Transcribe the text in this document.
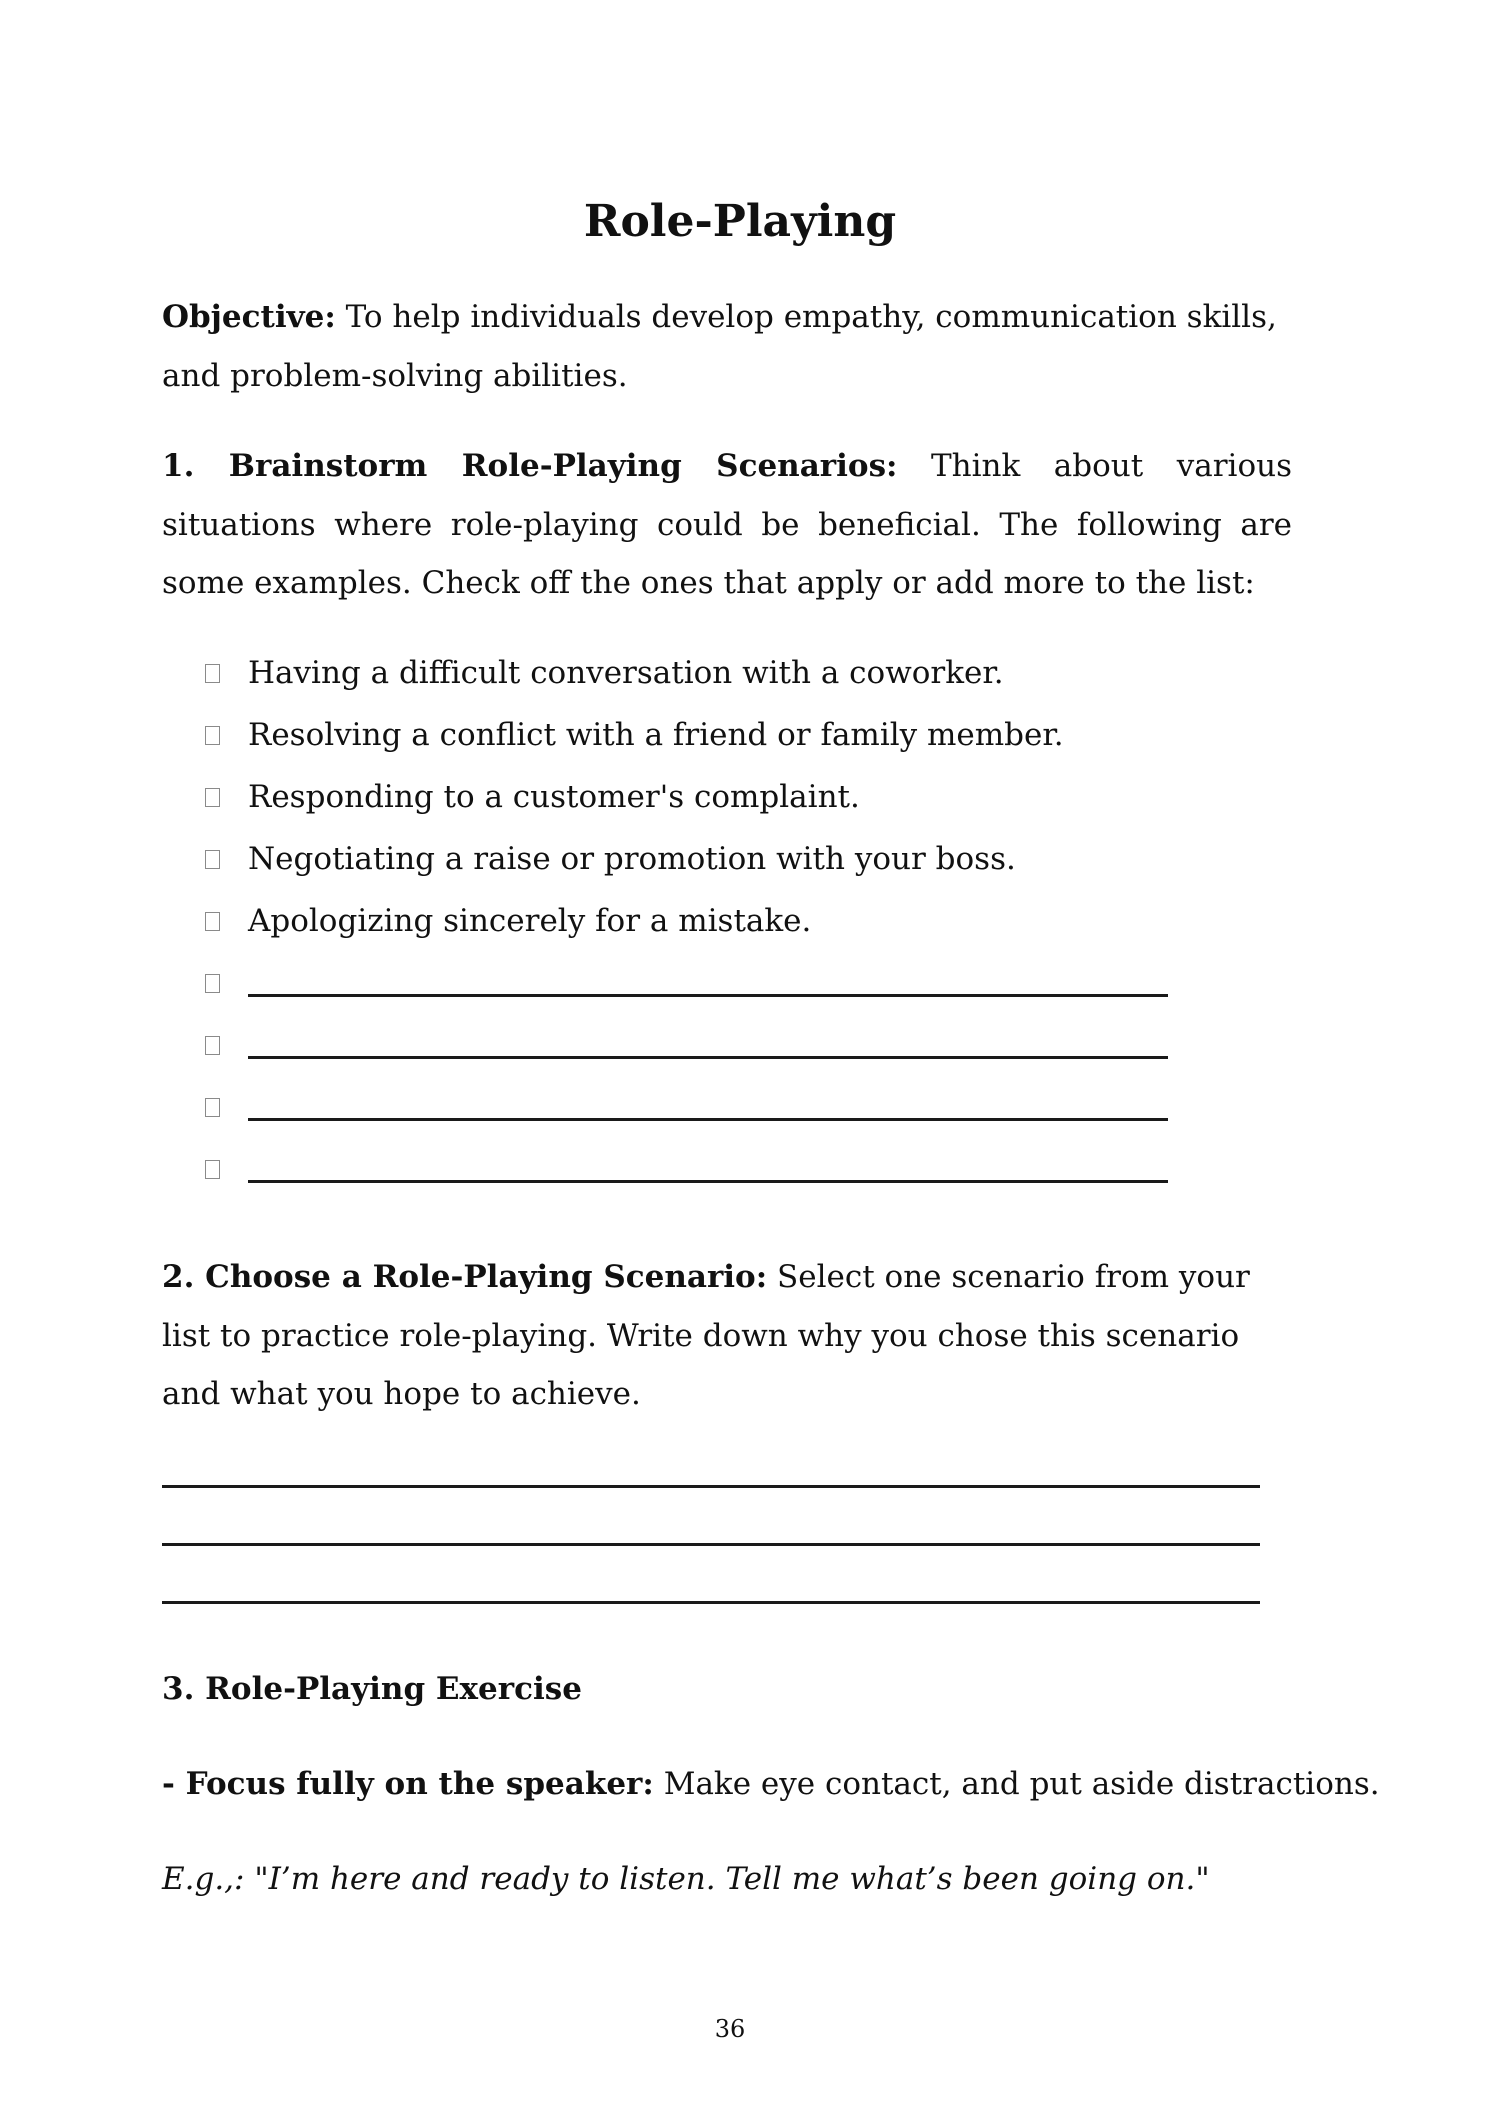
Role-Playing

Objective: To help individuals develop empathy, communication skills, and problem-solving abilities.

1. Brainstorm Role-Playing Scenarios: Think about various situations where role-playing could be beneficial. The following are some examples. Check off the ones that apply or add more to the list:

Having a difficult conversation with a coworker.
Resolving a conflict with a friend or family member.
Responding to a customer's complaint.
Negotiating a raise or promotion with your boss.
Apologizing sincerely for a mistake.

2. Choose a Role-Playing Scenario: Select one scenario from your list to practice role-playing. Write down why you chose this scenario and what you hope to achieve.

3. Role-Playing Exercise

- Focus fully on the speaker: Make eye contact, and put aside distractions.

E.g.,: "I’m here and ready to listen. Tell me what’s been going on."

36
